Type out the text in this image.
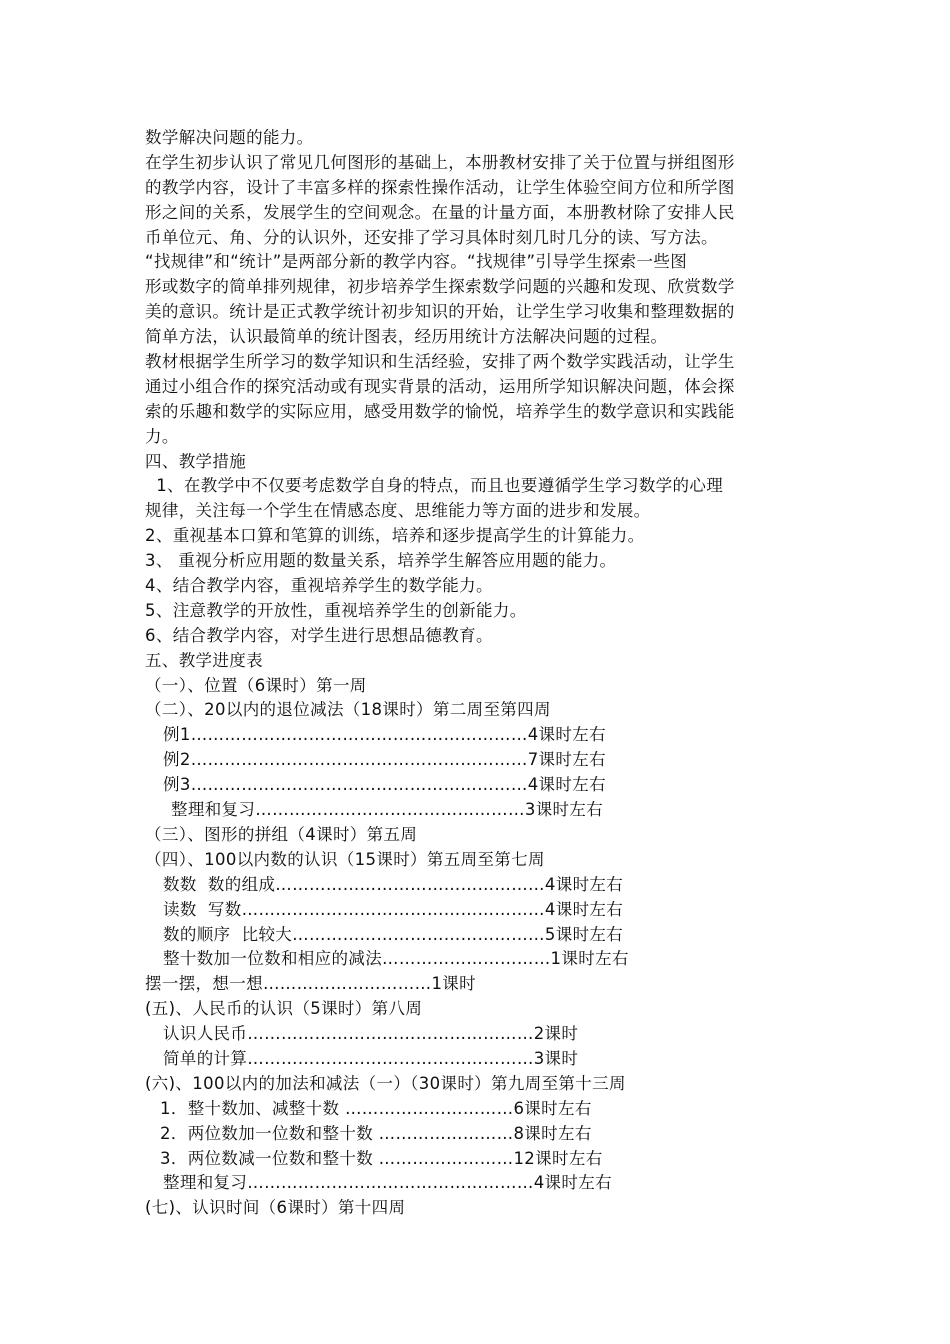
数学解决问题的能力。
在学生初步认识了常见几何图形的基础上，本册教材安排了关于位置与拼组图形
的教学内容，设计了丰富多样的探索性操作活动，让学生体验空间方位和所学图
形之间的关系，发展学生的空间观念。在量的计量方面，本册教材除了安排人民
币单位元、角、分的认识外，还安排了学习具体时刻几时几分的读、写方法。
“找规律”和“统计”是两部分新的教学内容。“找规律”引导学生探索一些图
形或数字的简单排列规律，初步培养学生探索数学问题的兴趣和发现、欣赏数学
美的意识。统计是正式教学统计初步知识的开始，让学生学习收集和整理数据的
简单方法，认识最简单的统计图表，经历用统计方法解决问题的过程。
教材根据学生所学习的数学知识和生活经验，安排了两个数学实践活动，让学生
通过小组合作的探究活动或有现实背景的活动，运用所学知识解决问题，体会探
索的乐趣和数学的实际应用，感受用数学的愉悦，培养学生的数学意识和实践能
力。
四、教学措施
1、在教学中不仅要考虑数学自身的特点，而且也要遵循学生学习数学的心理
规律，关注每一个学生在情感态度、思维能力等方面的进步和发展。
2、重视基本口算和笔算的训练，培养和逐步提高学生的计算能力。
3、 重视分析应用题的数量关系，培养学生解答应用题的能力。
4、结合教学内容，重视培养学生的数学能力。
5、注意教学的开放性，重视培养学生的创新能力。
6、结合教学内容，对学生进行思想品德教育。
五、教学进度表
（一）、位置（6课时）第一周
（二）、20以内的退位减法（18课时）第二周至第四周
例1……………………………………………………4课时左右
例2……………………………………………………7课时左右
例3……………………………………………………4课时左右
整理和复习…………………………………………3课时左右
（三）、图形的拼组（4课时）第五周
（四）、100以内数的认识（15课时）第五周至第七周
数数  数的组成…………………………………………4课时左右
读数  写数………………………………………………4课时左右
数的顺序  比较大………………………………………5课时左右
整十数加一位数和相应的减法…………………………1课时左右
摆一摆，想一想…………………………1课时
(五)、人民币的认识（5课时）第八周
认识人民币……………………………………………2课时
简单的计算……………………………………………3课时
(六)、100以内的加法和减法（一）（30课时）第九周至第十三周
1．整十数加、减整十数 …………………………6课时左右
2．两位数加一位数和整十数 ……………………8课时左右
3．两位数减一位数和整十数 ……………………12课时左右
整理和复习……………………………………………4课时左右
(七)、认识时间（6课时）第十四周
